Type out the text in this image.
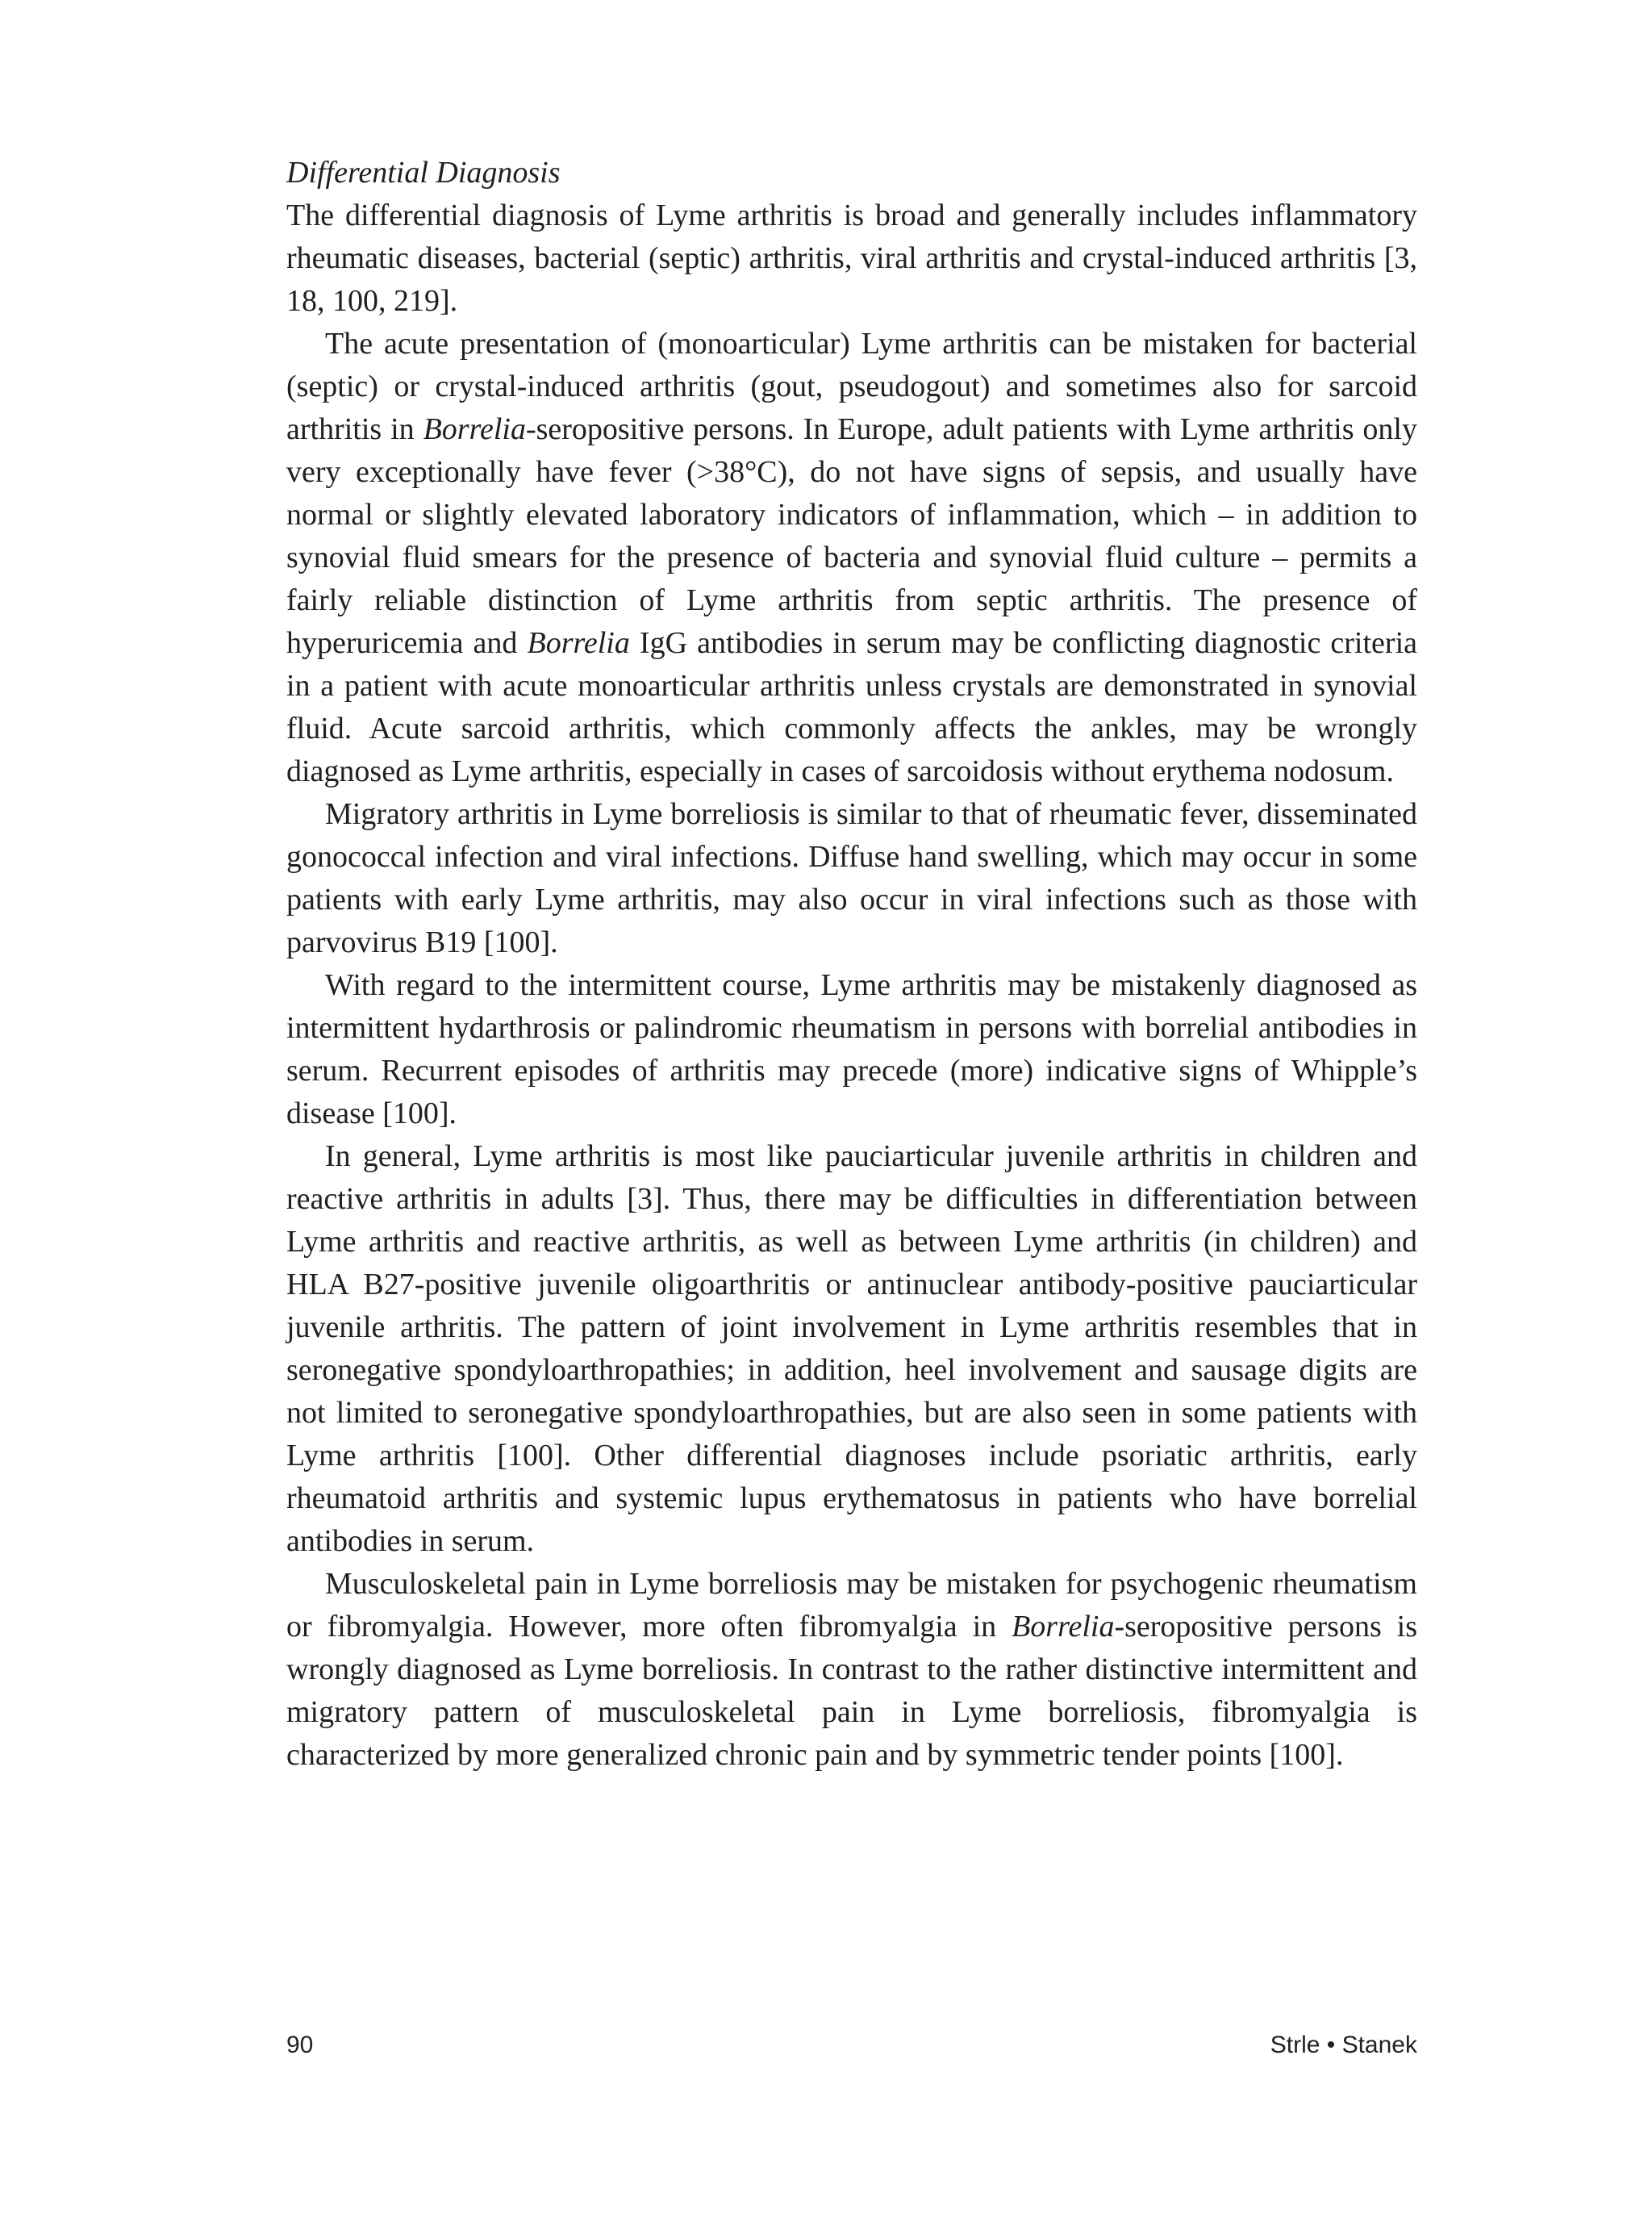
Differential Diagnosis

The differential diagnosis of Lyme arthritis is broad and generally includes inflammatory rheumatic diseases, bacterial (septic) arthritis, viral arthritis and crystal-induced arthritis [3, 18, 100, 219].

The acute presentation of (monoarticular) Lyme arthritis can be mistaken for bacterial (septic) or crystal-induced arthritis (gout, pseudogout) and sometimes also for sarcoid arthritis in Borrelia-seropositive persons. In Europe, adult patients with Lyme arthritis only very exceptionally have fever (>38°C), do not have signs of sepsis, and usually have normal or slightly elevated laboratory indicators of inflammation, which – in addition to synovial fluid smears for the presence of bacteria and synovial fluid culture – permits a fairly reliable distinction of Lyme arthritis from septic arthritis. The presence of hyperuricemia and Borrelia IgG antibodies in serum may be conflicting diagnostic criteria in a patient with acute monoarticular arthritis unless crystals are demonstrated in synovial fluid. Acute sarcoid arthritis, which commonly affects the ankles, may be wrongly diagnosed as Lyme arthritis, especially in cases of sarcoidosis without erythema nodosum.

Migratory arthritis in Lyme borreliosis is similar to that of rheumatic fever, disseminated gonococcal infection and viral infections. Diffuse hand swelling, which may occur in some patients with early Lyme arthritis, may also occur in viral infections such as those with parvovirus B19 [100].

With regard to the intermittent course, Lyme arthritis may be mistakenly diagnosed as intermittent hydarthrosis or palindromic rheumatism in persons with borrelial antibodies in serum. Recurrent episodes of arthritis may precede (more) indicative signs of Whipple’s disease [100].

In general, Lyme arthritis is most like pauciarticular juvenile arthritis in children and reactive arthritis in adults [3]. Thus, there may be difficulties in differentiation between Lyme arthritis and reactive arthritis, as well as between Lyme arthritis (in children) and HLA B27-positive juvenile oligoarthritis or antinuclear antibody-positive pauciarticular juvenile arthritis. The pattern of joint involvement in Lyme arthritis resembles that in seronegative spondyloarthropathies; in addition, heel involvement and sausage digits are not limited to seronegative spondyloarthropathies, but are also seen in some patients with Lyme arthritis [100]. Other differential diagnoses include psoriatic arthritis, early rheumatoid arthritis and systemic lupus erythematosus in patients who have borrelial antibodies in serum.

Musculoskeletal pain in Lyme borreliosis may be mistaken for psychogenic rheumatism or fibromyalgia. However, more often fibromyalgia in Borrelia-seropositive persons is wrongly diagnosed as Lyme borreliosis. In contrast to the rather distinctive intermittent and migratory pattern of musculoskeletal pain in Lyme borreliosis, fibromyalgia is characterized by more generalized chronic pain and by symmetric tender points [100].

90	Strle • Stanek
